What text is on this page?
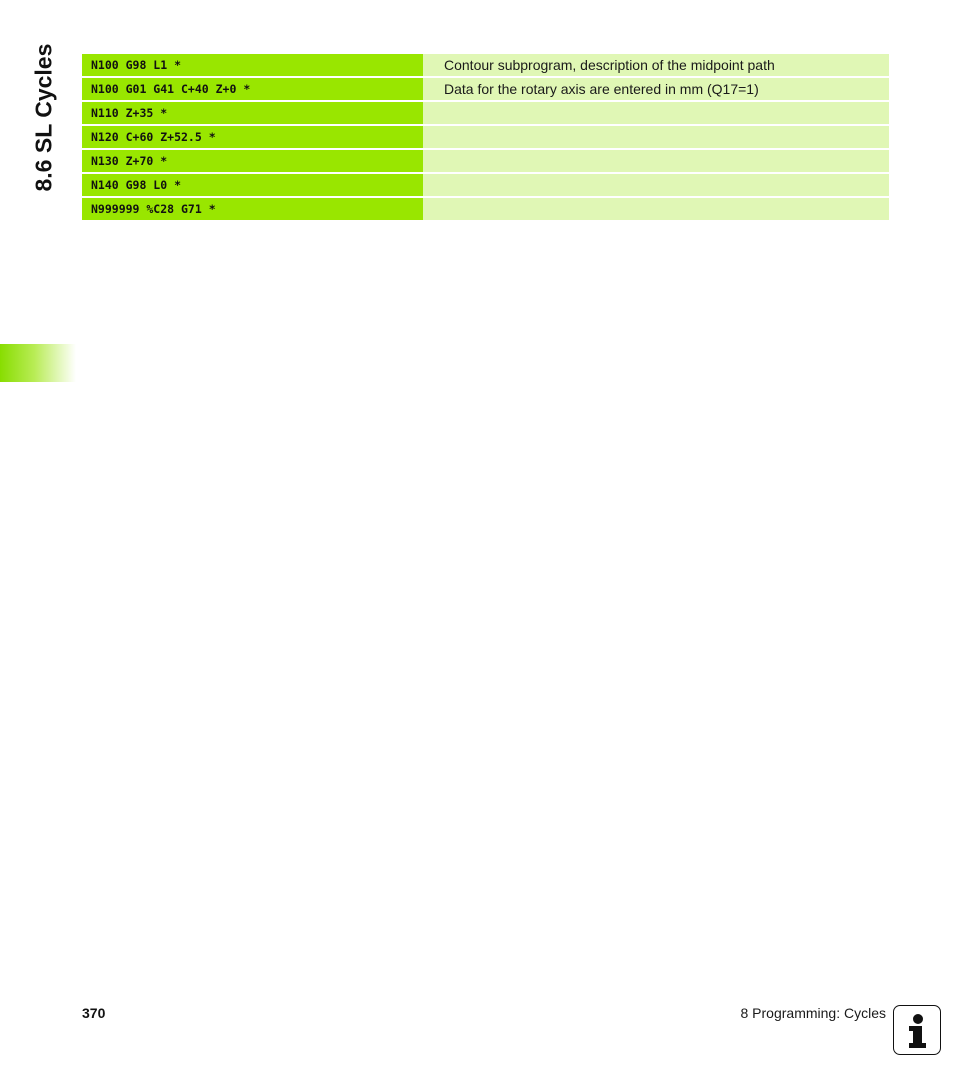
8.6 SL Cycles	N100 G98 L1 *	Contour subprogram, description of the midpoint path
N100 G01 G41 C+40 Z+0 *	Data for the rotary axis are entered in mm (Q17=1)
N110 Z+35 *
N120 C+60 Z+52.5 *
N130 Z+70 *
N140 G98 L0 *
N999999 %C28 G71 *
370	8 Programming: Cycles
